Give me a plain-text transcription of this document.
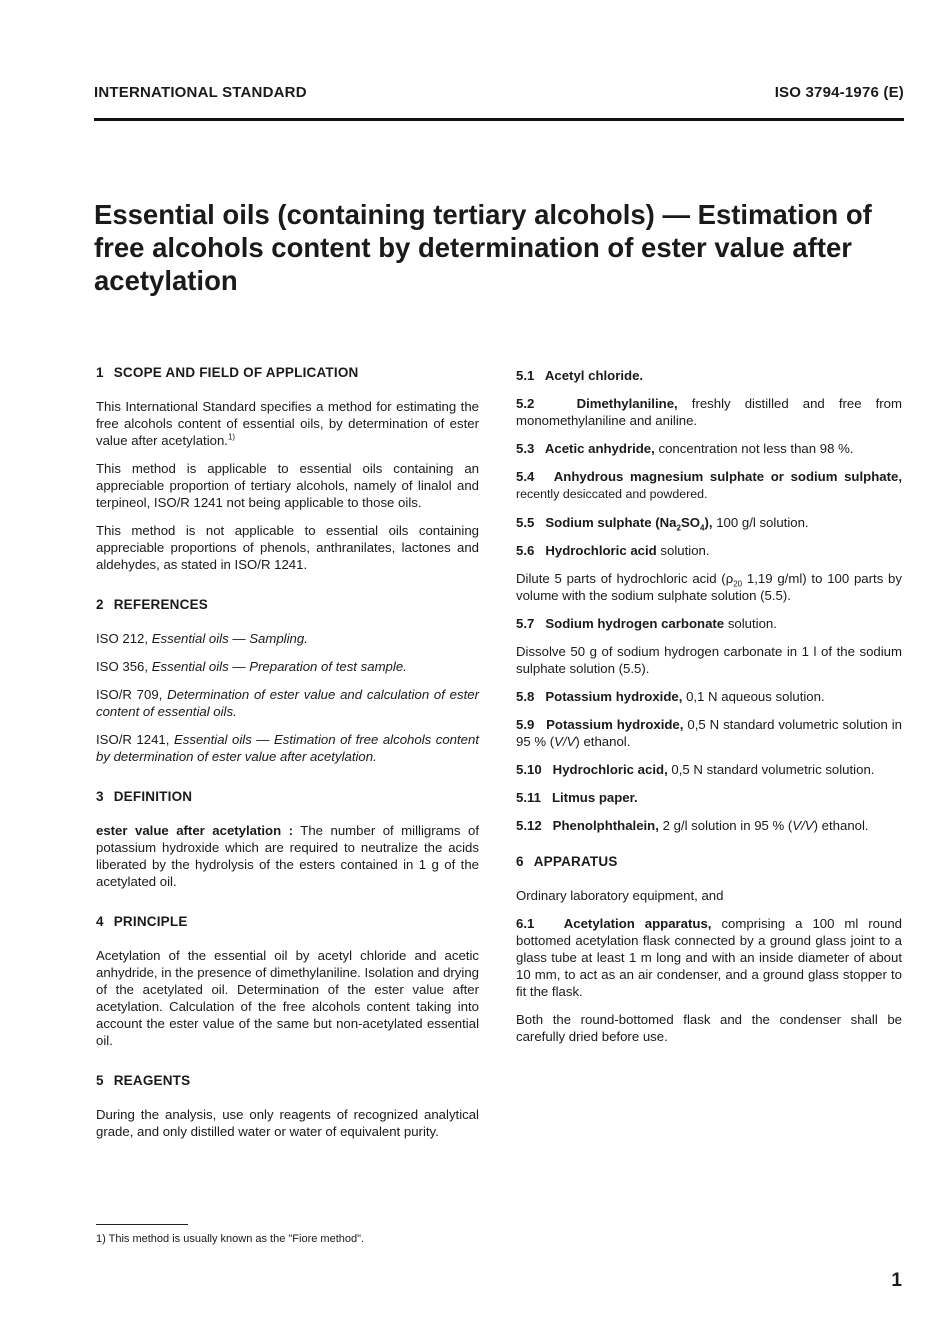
INTERNATIONAL STANDARD	ISO 3794-1976 (E)
Essential oils (containing tertiary alcohols) — Estimation of free alcohols content by determination of ester value after acetylation
1 SCOPE AND FIELD OF APPLICATION

This International Standard specifies a method for estimating the free alcohols content of essential oils, by determination of ester value after acetylation.$^{1)}$

This method is applicable to essential oils containing an appreciable proportion of tertiary alcohols, namely of linalol and terpineol, ISO/R 1241 not being applicable to those oils.

This method is not applicable to essential oils containing appreciable proportions of phenols, anthranilates, lactones and aldehydes, as stated in ISO/R 1241.

2 REFERENCES

ISO 212, Essential oils — Sampling.

ISO 356, Essential oils — Preparation of test sample.

ISO/R 709, Determination of ester value and calculation of ester content of essential oils.

ISO/R 1241, Essential oils — Estimation of free alcohols content by determination of ester value after acetylation.

3 DEFINITION

ester value after acetylation : The number of milligrams of potassium hydroxide which are required to neutralize the acids liberated by the hydrolysis of the esters contained in 1 g of the acetylated oil.

4 PRINCIPLE

Acetylation of the essential oil by acetyl chloride and acetic anhydride, in the presence of dimethylaniline. Isolation and drying of the acetylated oil. Determination of the ester value after acetylation. Calculation of the free alcohols content taking into account the ester value of the same but non-acetylated essential oil.

5 REAGENTS

During the analysis, use only reagents of recognized analytical grade, and only distilled water or water of equivalent purity.

5.1 Acetyl chloride.

5.2	Dimethylaniline, freshly distilled and free from monomethylaniline and aniline.

5.3 Acetic anhydride, concentration not less than 98 %.

5.4 Anhydrous magnesium sulphate or sodium sulphate, recently desiccated and powdered.

5.5 Sodium sulphate $(Na_2SO_4)$, 100 g/l solution.

5.6 Hydrochloric acid solution.

Dilute 5 parts of hydrochloric acid ($\rho_{20}$ 1,19 g/ml) to 100 parts by volume with the sodium sulphate solution (5.5).

5.7 Sodium hydrogen carbonate solution.

Dissolve 50 g of sodium hydrogen carbonate in 1 l of the sodium sulphate solution (5.5).

5.8 Potassium hydroxide, 0,1 N aqueous solution.

5.9 Potassium hydroxide, 0,5 N standard volumetric solution in 95 % (V/V) ethanol.

5.10 Hydrochloric acid, 0,5 N standard volumetric solution.

5.11 Litmus paper.

5.12 Phenolphthalein, 2 g/l solution in 95 % (V/V) ethanol.

6 APPARATUS

Ordinary laboratory equipment, and

6.1 Acetylation apparatus, comprising a 100 ml round bottomed acetylation flask connected by a ground glass joint to a glass tube at least 1 m long and with an inside diameter of about 10 mm, to act as an air condenser, and a ground glass stopper to fit the flask.

Both the round-bottomed flask and the condenser shall be carefully dried before use.

1) This method is usually known as the "Fiore method".
1
